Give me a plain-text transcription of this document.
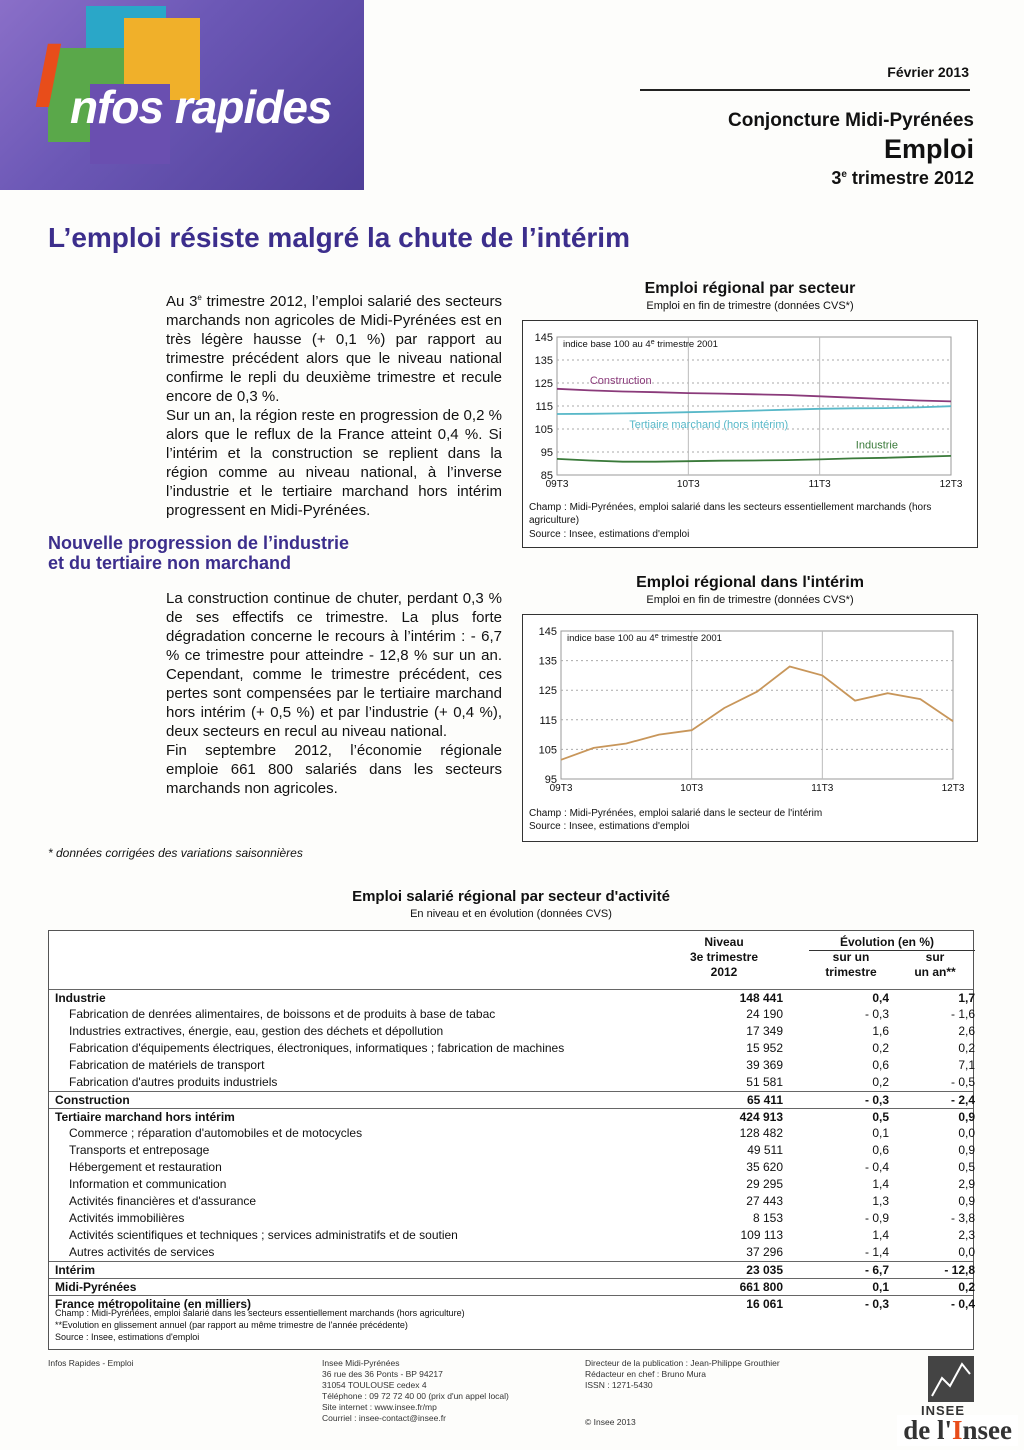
I nfos rapides
de l'Insee
Février 2013
Conjoncture Midi-Pyrénées
Emploi
3e trimestre 2012
L’emploi résiste malgré la chute de l’intérim
Au 3e trimestre 2012, l’emploi salarié des secteurs marchands non agricoles de Midi-Pyrénées est en très légère hausse (+ 0,1 %) par rapport au trimestre précédent alors que le niveau national confirme le repli du deuxième trimestre et recule encore de 0,3 %.
Sur un an, la région reste en progression de 0,2 % alors que le reflux de la France atteint 0,4 %. Si l’intérim et la construction se replient dans la région comme au niveau national, à l’inverse l’industrie et le tertiaire marchand hors intérim progressent en Midi-Pyrénées.
Nouvelle progression de l’industrie
et du tertiaire non marchand
La construction continue de chuter, perdant 0,3 % de ses effectifs ce trimestre. La plus forte dégradation concerne le recours à l’intérim : - 6,7 % ce trimestre pour atteindre - 12,8 % sur un an. Cependant, comme le trimestre précédent, ces pertes sont compensées par le tertiaire marchand hors intérim (+ 0,5 %) et par l’industrie (+ 0,4 %), deux secteurs en recul au niveau national.
Fin septembre 2012, l’économie régionale emploie 661 800 salariés dans les secteurs marchands non agricoles.
* données corrigées des variations saisonnières
Emploi régional par secteur
Emploi en fin de trimestre (données CVS*)
145
135
125
115
105
95
85
09T3	10T3	11T3	12T3
indice base 100 au 4e trimestre 2001
Construction
Tertiaire marchand (hors intérim)
Industrie
Champ : Midi-Pyrénées, emploi salarié dans les secteurs essentiellement marchands (hors agriculture)
Source : Insee, estimations d'emploi
Emploi régional dans l'intérim
Emploi en fin de trimestre (données CVS*)
145
135
125
115
105
95
09T3	10T3	11T3	12T3
indice base 100 au 4e trimestre 2001
Champ : Midi-Pyrénées, emploi salarié dans le secteur de l'intérim
Source : Insee, estimations d'emploi
Emploi salarié régional par secteur d'activité
En niveau et en évolution (données CVS)
Niveau
3e trimestre
2012
Évolution (en %)
sur un
trimestre
sur
un an**
Industrie	148 441	0,4	1,7
Fabrication de denrées alimentaires, de boissons et de produits à base de tabac	24 190	- 0,3	- 1,6
Industries extractives, énergie, eau, gestion des déchets et dépollution	17 349	1,6	2,6
Fabrication d'équipements électriques, électroniques, informatiques ; fabrication de machines	15 952	0,2	0,2
Fabrication de matériels de transport	39 369	0,6	7,1
Fabrication d'autres produits industriels	51 581	0,2	- 0,5
Construction	65 411	- 0,3	- 2,4
Tertiaire marchand hors intérim	424 913	0,5	0,9
Commerce ; réparation d'automobiles et de motocycles	128 482	0,1	0,0
Transports et entreposage	49 511	0,6	0,9
Hébergement et restauration	35 620	- 0,4	0,5
Information et communication	29 295	1,4	2,9
Activités financières et d'assurance	27 443	1,3	0,9
Activités immobilières	8 153	- 0,9	- 3,8
Activités scientifiques et techniques ; services administratifs et de soutien	109 113	1,4	2,3
Autres activités de services	37 296	- 1,4	0,0
Intérim	23 035	- 6,7	- 12,8
Midi-Pyrénées	661 800	0,1	0,2
France métropolitaine (en milliers)	16 061	- 0,3	- 0,4
Champ : Midi-Pyrénées, emploi salarié dans les secteurs essentiellement marchands (hors agriculture)
**Evolution en glissement annuel (par rapport au même trimestre de l'année précédente)
Source : Insee, estimations d'emploi
Infos Rapides - Emploi	Insee Midi-Pyrénées
36 rue des 36 Ponts - BP 94217
31054 TOULOUSE cedex 4
Téléphone : 09 72 72 40 00 (prix d'un appel local)
Site internet : www.insee.fr/mp
Courriel : insee-contact@insee.fr
Directeur de la publication : Jean-Philippe Grouthier
Rédacteur en chef : Bruno Mura
ISSN : 1271-5430
© Insee 2013
INSEE
